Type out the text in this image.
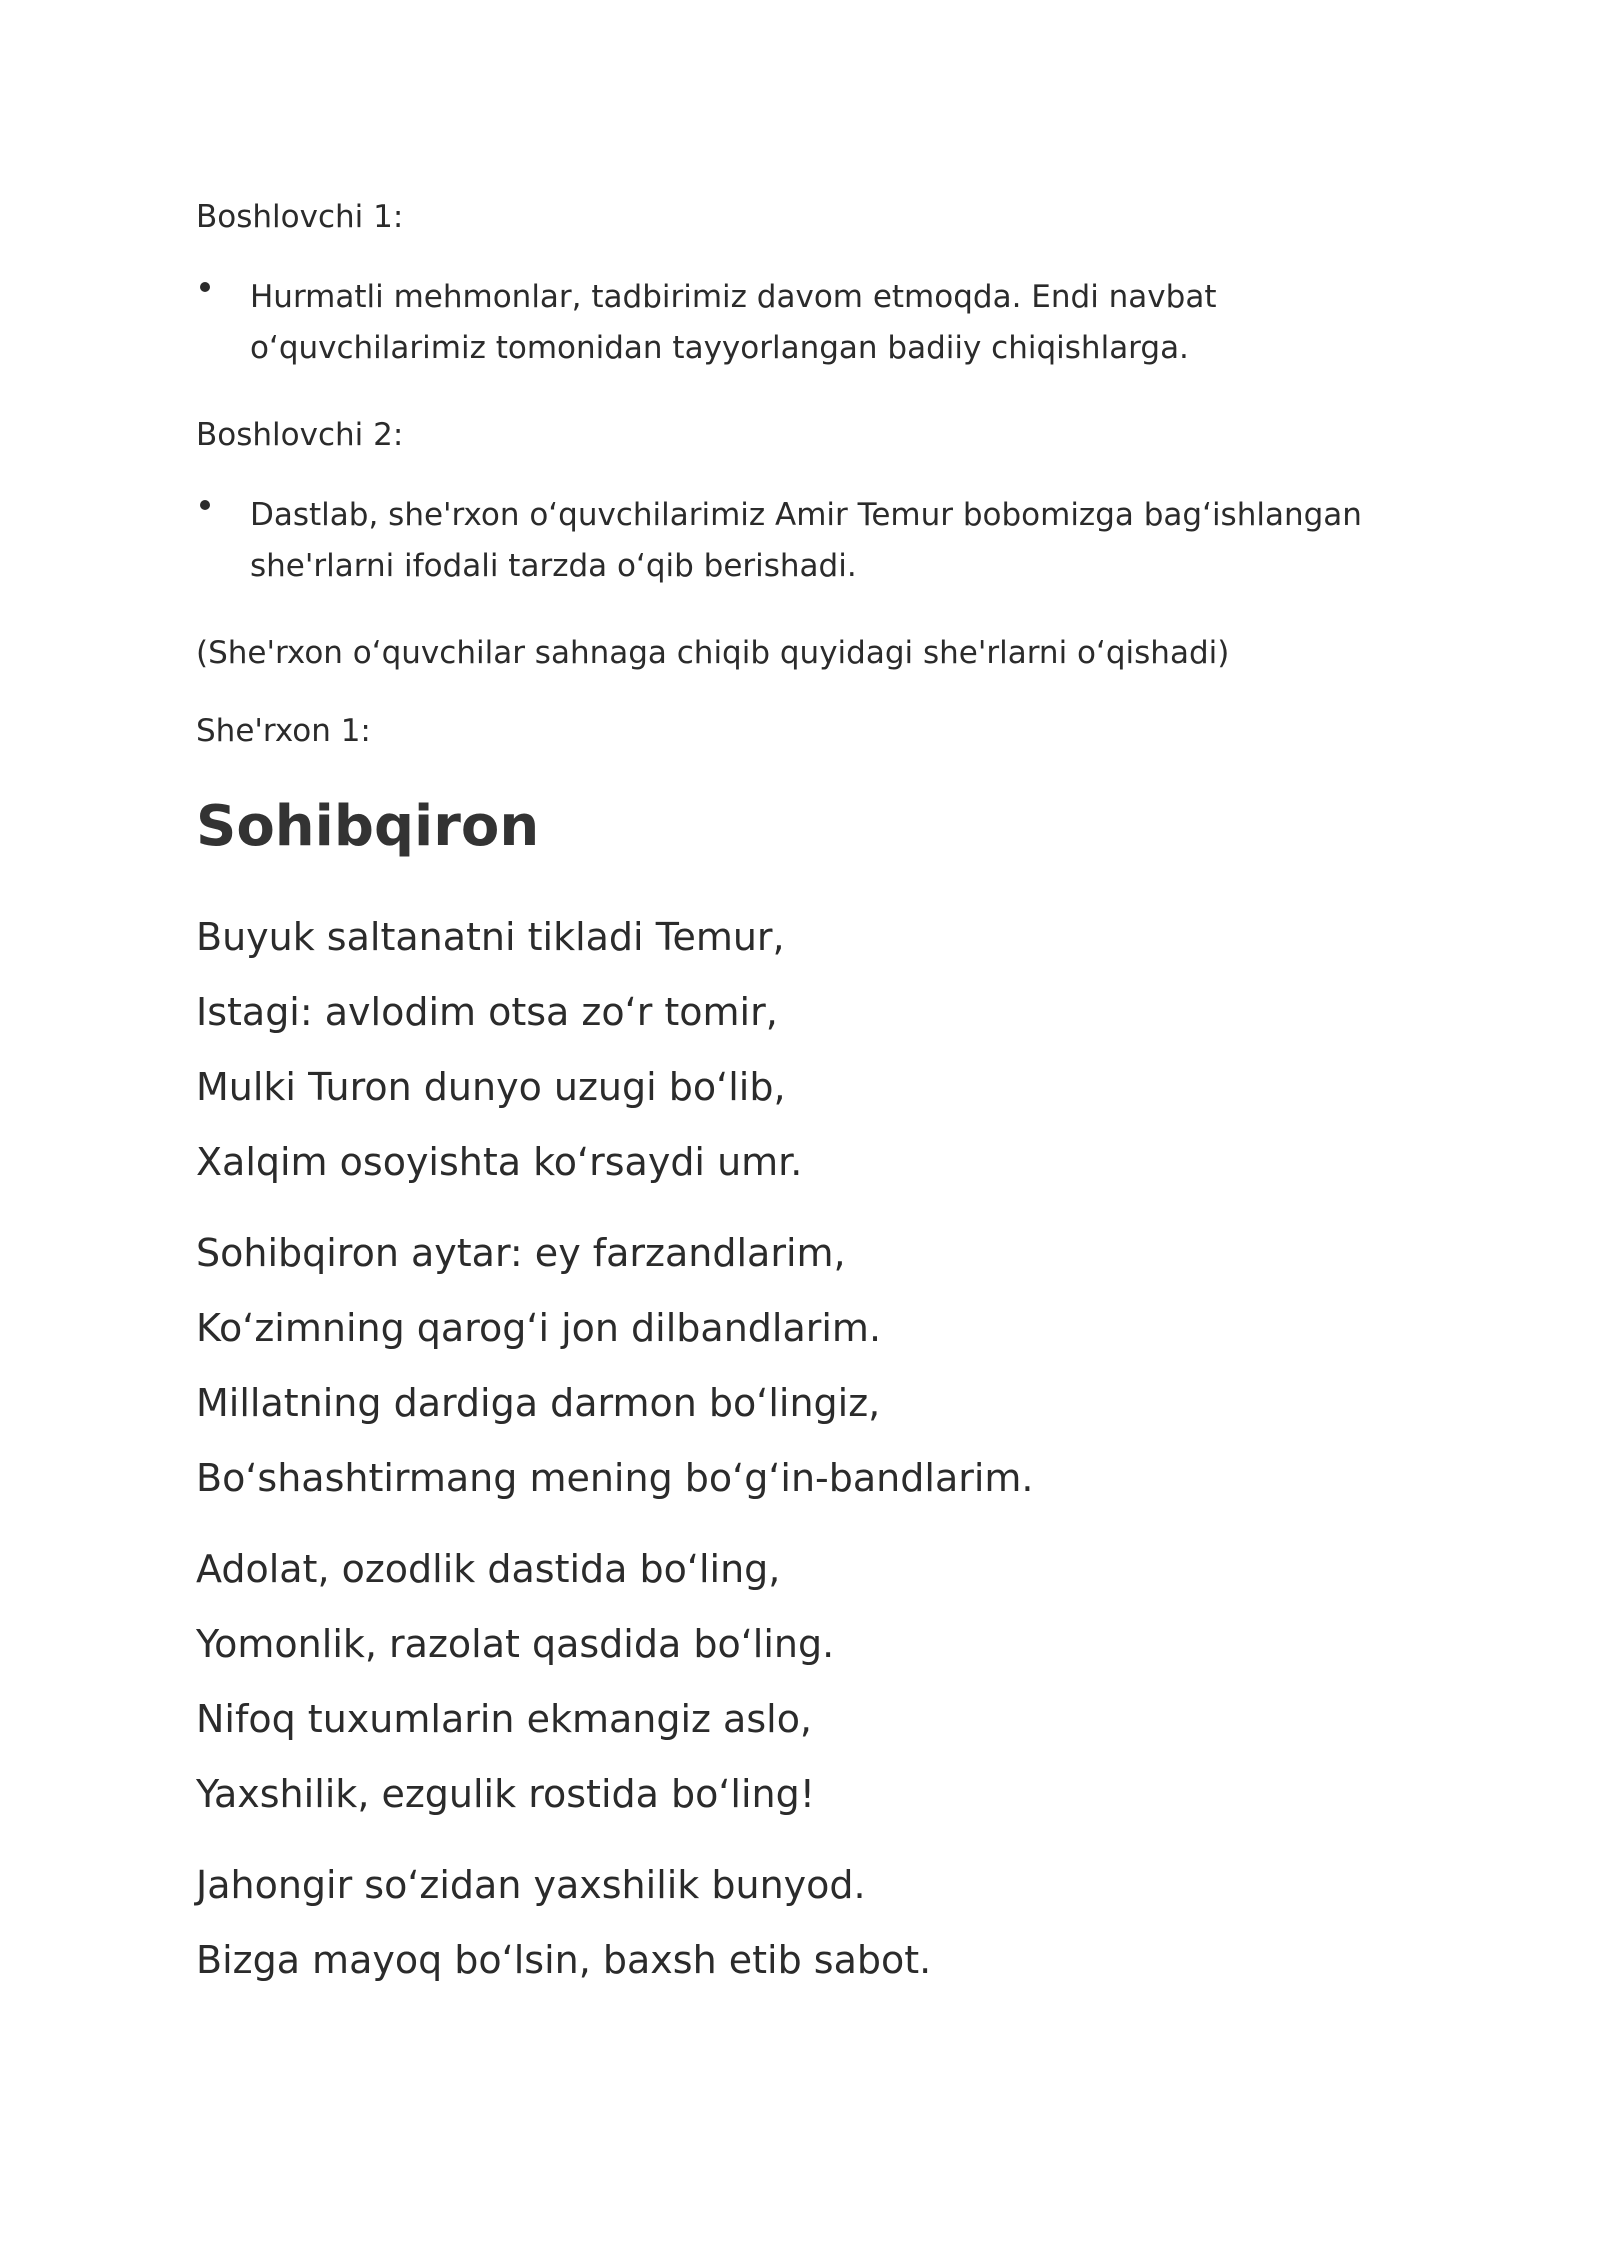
Boshlovchi 1:

Hurmatli mehmonlar, tadbirimiz davom etmoqda. Endi navbat
o‘quvchilarimiz tomonidan tayyorlangan badiiy chiqishlarga.

Boshlovchi 2:

Dastlab, she'rxon o‘quvchilarimiz Amir Temur bobomizga bag‘ishlangan
she'rlarni ifodali tarzda o‘qib berishadi.

(She'rxon o‘quvchilar sahnaga chiqib quyidagi she'rlarni o‘qishadi)

She'rxon 1:

Sohibqiron

Buyuk saltanatni tikladi Temur,

Istagi: avlodim otsa zo‘r tomir,

Mulki Turon dunyo uzugi bo‘lib,

Xalqim osoyishta ko‘rsaydi umr.

Sohibqiron aytar: ey farzandlarim,

Ko‘zimning qarog‘i jon dilbandlarim.

Millatning dardiga darmon bo‘lingiz,

Bo‘shashtirmang mening bo‘g‘in-bandlarim.

Adolat, ozodlik dastida bo‘ling,

Yomonlik, razolat qasdida bo‘ling.

Nifoq tuxumlarin ekmangiz aslo,

Yaxshilik, ezgulik rostida bo‘ling!

Jahongir so‘zidan yaxshilik bunyod.

Bizga mayoq bo‘lsin, baxsh etib sabot.
